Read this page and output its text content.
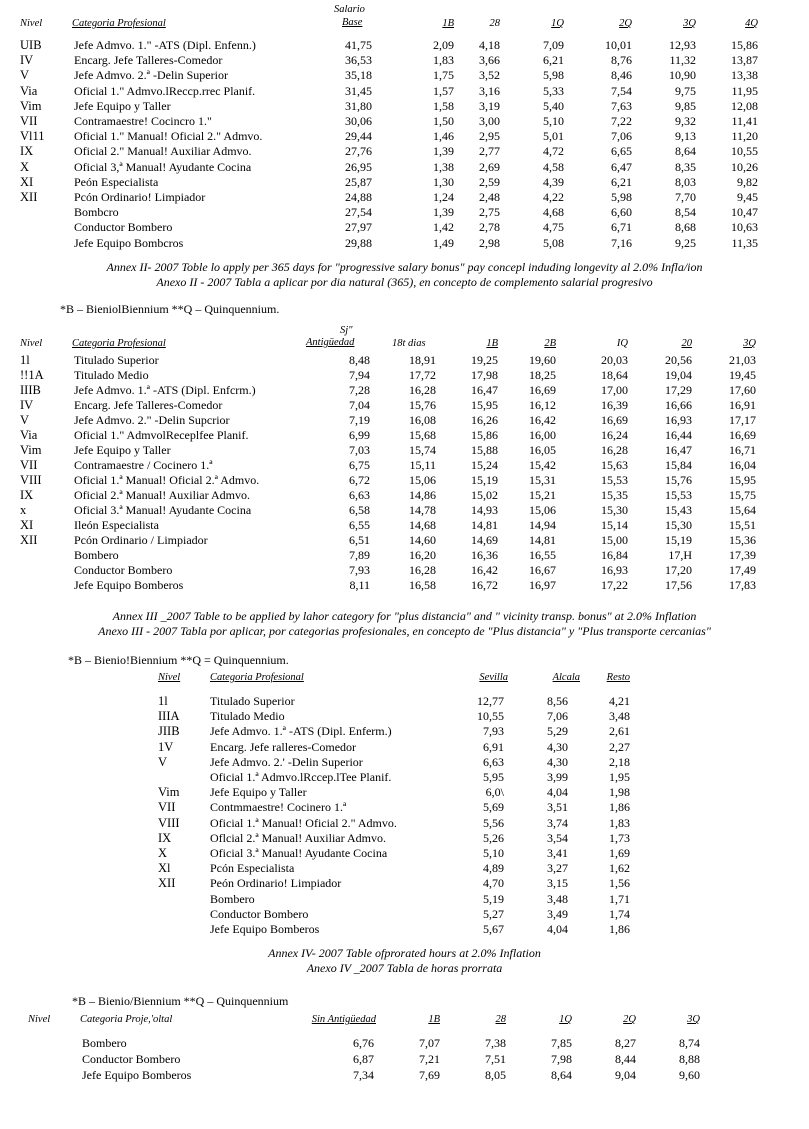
Nivel	Categoria Profesional
Salario
Base	1B	28	1Q	2Q	3Q	4Q
UIB	Jefe Admvo. 1." -ATS (Dipl. Enfenn.)	41,75	2,09	4,18	7,09	10,01	12,93	15,86
IV	Encarg. Jefe Talleres-Comedor	36,53	1,83	3,66	6,21	8,76	11,32	13,87
V	Jefe Admvo. 2.ª -Delin Superior	35,18	1,75	3,52	5,98	8,46	10,90	13,38
Via	Oficial 1." Admvo.lReccp.rrec Planif.	31,45	1,57	3,16	5,33	7,54	9,75	11,95
Vim	Jefe Equipo y Taller	31,80	1,58	3,19	5,40	7,63	9,85	12,08
VII	Contramaestre! Cocincro 1."	30,06	1,50	3,00	5,10	7,22	9,32	11,41
Vl11 Oficial 1." Manual! Oficial 2." Admvo.	29,44	1,46	2,95	5,01	7,06	9,13	11,20
IX	Oficial 2." Manual! Auxiliar Admvo.	27,76	1,39	2,77	4,72	6,65	8,64	10,55
X	Oficial 3,ª Manual! Ayudante Cocina	26,95	1,38	2,69	4,58	6,47	8,35	10,26
XI	Peón Especialista	25,87	1,30	2,59	4,39	6,21	8,03	9,82
XII	Pcón Ordinario! Limpiador	24,88	1,24	2,48	4,22	5,98	7,70	9,45
Bombcro	27,54	1,39	2,75	4,68	6,60	8,54	10,47
Conductor Bombero	27,97	1,42	2,78	4,75	6,71	8,68	10,63
Jefe Equipo Bombcros	29,88	1,49	2,98	5,08	7,16	9,25	11,35
Annex II- 2007 Toble lo apply per 365 days for "progressive salary bonus" pay concepl induding longevity al 2.0% Infla/ion
Anexo II - 2007 Tabla a aplicar por dia natural (365), en concepto de complemento salarial progresivo
*B – BieniolBiennium **Q – Quinquennium.
Nivel	Categoria Profesional
Sj"
Antigüedad	18t dias	1B	2B	IQ	20	3Q
1l	Titulado Superior	8,48	18,91	19,25	19,60	20,03	20,56	21,03
!!1A	Titulado Medio	7,94	17,72	17,98	18,25	18,64	19,04	19,45
IIIB	Jefe Admvo. 1.ª -ATS (Dipl. Enfcrm.)	7,28	16,28	16,47	16,69	17,00	17,29	17,60
IV	Encarg. Jefe Talleres-Comedor	7,04	15,76	15,95	16,12	16,39	16,66	16,91
V	Jefe Admvo. 2." -Delin Supcrior	7,19	16,08	16,26	16,42	16,69	16,93	17,17
Via	Oficial 1." AdmvolReceplfee Planif.	6,99	15,68	15,86	16,00	16,24	16,44	16,69
Vim	Jefe Equipo y Taller	7,03	15,74	15,88	16,05	16,28	16,47	16,71
VII	Contramaestre / Cocinero 1.ª	6,75	15,11	15,24	15,42	15,63	15,84	16,04
VIII	Oficial 1.ª Manual! Oficial 2.ª Admvo.	6,72	15,06	15,19	15,31	15,53	15,76	15,95
IX	Oficial 2.ª Manual! Auxiliar Admvo.	6,63	14,86	15,02	15,21	15,35	15,53	15,75
x	Oficial 3.ª Manual! Ayudante Cocina	6,58	14,78	14,93	15,06	15,30	15,43	15,64
XI	Ileón Especialista	6,55	14,68	14,81	14,94	15,14	15,30	15,51
XII	Pcón Ordinario / Limpiador	6,51	14,60	14,69	14,81	15,00	15,19	15,36
Bombero	7,89	16,20	16,36	16,55	16,84	17,H	17,39
Conductor Bombero	7,93	16,28	16,42	16,67	16,93	17,20	17,49
Jefe Equipo Bomberos	8,11	16,58	16,72	16,97	17,22	17,56	17,83
Annex III _2007 Table to be applied by lahor category for "plus distancia" and " vicinity transp. bonus" at 2.0% Inflation
Anexo III - 2007 Tabla por aplicar, por categorias profesionales, en concepto de "Plus distancia" y "Plus transporte cercanias"
*B – Bienio!Biennium **Q = Quinquennium.
Nivel	Categoria Profesional	Sevilla	Alcala	Resto
1l	Titulado Superior	12,77	8,56	4,21
IIIA	Titulado Medio	10,55	7,06	3,48
JIIB	Jefe Admvo. 1.ª -ATS (Dipl. Enferm.)	7,93	5,29	2,61
1V	Encarg. Jefe ralleres-Comedor	6,91	4,30	2,27
V	Jefe Admvo. 2.' -Delin Superior	6,63	4,30	2,18
Oficial 1.ª Admvo.lRccep.lTee Planif.	5,95	3,99	1,95
Vim	Jefe Equipo y Taller	6,0\	4,04	1,98
VII	Contmmaestre! Cocinero 1.ª	5,69	3,51	1,86
VIII	Oficial 1.ª Manual! Oficial 2." Admvo.	5,56	3,74	1,83
IX	Oflcial 2.ª Manual! Auxiliar Admvo.	5,26	3,54	1,73
X	Oficial 3.ª Manual! Ayudante Cocina	5,10	3,41	1,69
Xl	Pcón Especialista	4,89	3,27	1,62
XII	Peón Ordinario! Limpiador	4,70	3,15	1,56
Bombero	5,19	3,48	1,71
Conductor Bombero	5,27	3,49	1,74
Jefe Equipo Bomberos	5,67	4,04	1,86
Annex IV- 2007 Table ofprorated hours at 2.0% Inflation
Anexo IV _2007 Tabla de horas prorrata
*B – Bienio/Biennium **Q – Quinquennium
Nivel	Categoria Proje,'oltal	Sin Antigüedad	1B	28	1Q	2Q	3Q
Bombero	6,76	7,07	7,38	7,85	8,27	8,74
Conductor Bombero	6,87	7,21	7,51	7,98	8,44	8,88
Jefe Equipo Bomberos	7,34	7,69	8,05	8,64	9,04	9,60
